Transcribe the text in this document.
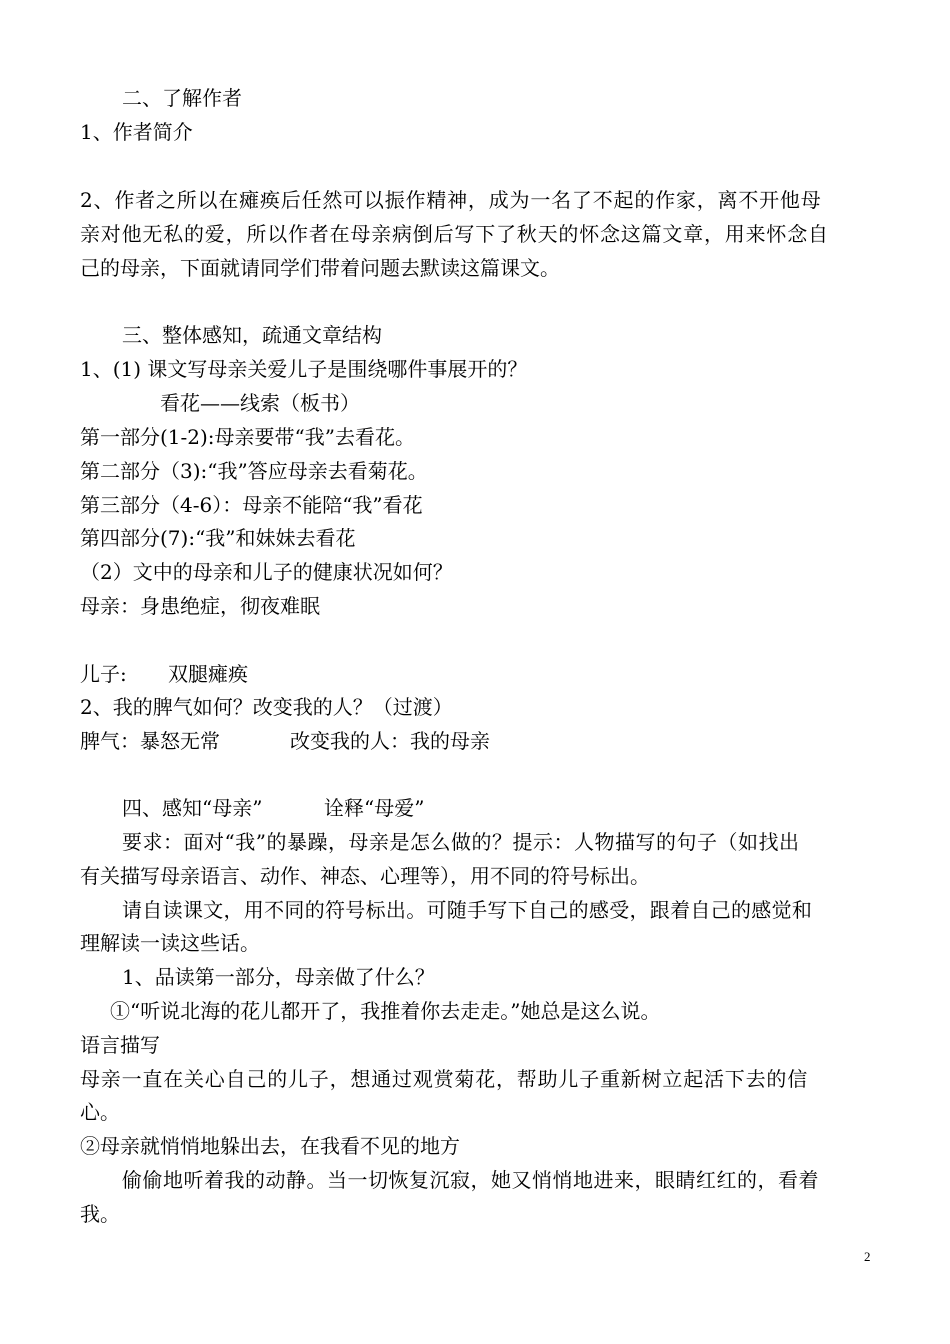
二、了解作者
1、作者简介
2、作者之所以在瘫痪后任然可以振作精神，成为一名了不起的作家，离不开他母
亲对他无私的爱，所以作者在母亲病倒后写下了秋天的怀念这篇文章，用来怀念自
己的母亲，下面就请同学们带着问题去默读这篇课文。
三、整体感知，疏通文章结构
1、(1) 课文写母亲关爱儿子是围绕哪件事展开的？
看花——线索（板书）
第一部分(1-2):母亲要带“我”去看花。
第二部分（3):“我”答应母亲去看菊花。
第三部分（4-6）：母亲不能陪“我”看花
第四部分(7):“我”和妹妹去看花
（2）文中的母亲和儿子的健康状况如何？
母亲：身患绝症，彻夜难眠
儿子: 双腿瘫痪
2、我的脾气如何？改变我的人？（过渡）
脾气：暴怒无常	改变我的人：我的母亲
四、感知“母亲”	诠释“母爱”
要求：面对“我”的暴躁，母亲是怎么做的？提示：人物描写的句子（如找出
有关描写母亲语言、动作、神态、心理等），用不同的符号标出。
请自读课文，用不同的符号标出。可随手写下自己的感受，跟着自己的感觉和
理解读一读这些话。
1、品读第一部分，母亲做了什么？
①“听说北海的花儿都开了，我推着你去走走。”她总是这么说。
语言描写
母亲一直在关心自己的儿子，想通过观赏菊花，帮助儿子重新树立起活下去的信
心。
②母亲就悄悄地躲出去，在我看不见的地方
偷偷地听着我的动静。当一切恢复沉寂，她又悄悄地进来，眼睛红红的，看着
我。
2
